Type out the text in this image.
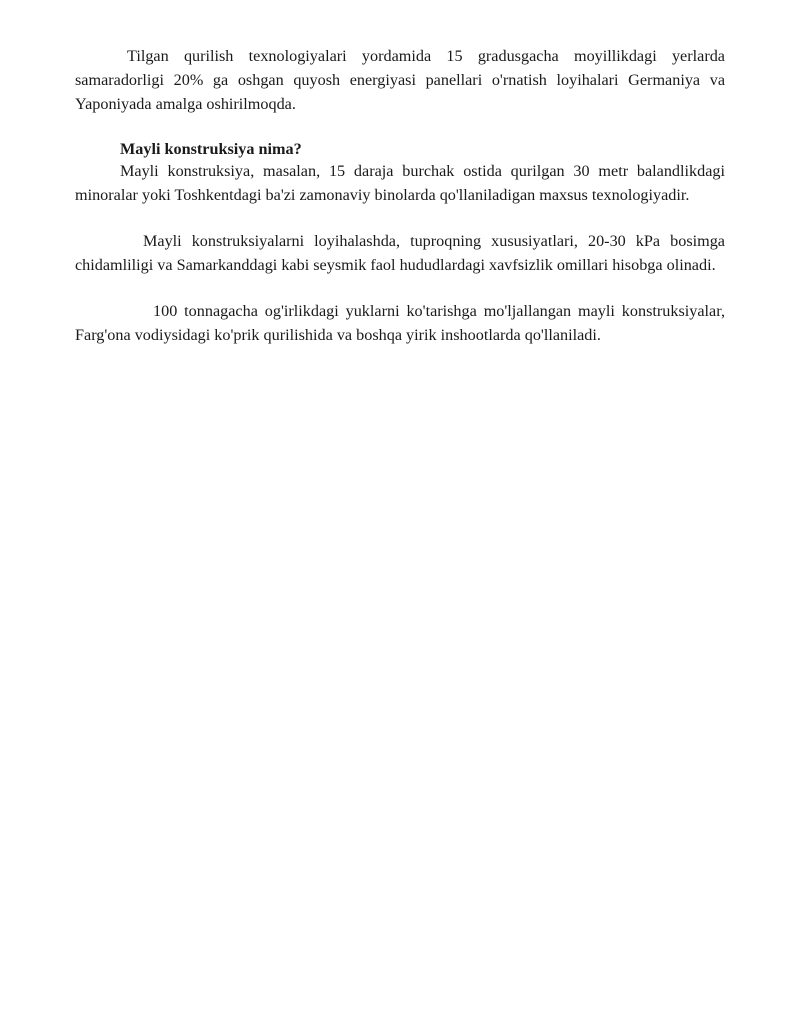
Tilgan qurilish texnologiyalari yordamida 15 gradusgacha moyillikdagi yerlarda samaradorligi 20% ga oshgan quyosh energiyasi panellari o'rnatish loyihalari Germaniya va Yaponiyada amalga oshirilmoqda.

Mayli konstruksiya nima?

Mayli konstruksiya, masalan, 15 daraja burchak ostida qurilgan 30 metr balandlikdagi minoralar yoki Toshkentdagi ba'zi zamonaviy binolarda qo'llaniladigan maxsus texnologiyadir.

Mayli konstruksiyalarni loyihalashda, tuproqning xususiyatlari, 20-30 kPa bosimga chidamliligi va Samarkanddagi kabi seysmik faol hududlardagi xavfsizlik omillari hisobga olinadi.

100 tonnagacha og'irlikdagi yuklarni ko'tarishga mo'ljallangan mayli konstruksiyalar, Farg'ona vodiysidagi ko'prik qurilishida va boshqa yirik inshootlarda qo'llaniladi.
